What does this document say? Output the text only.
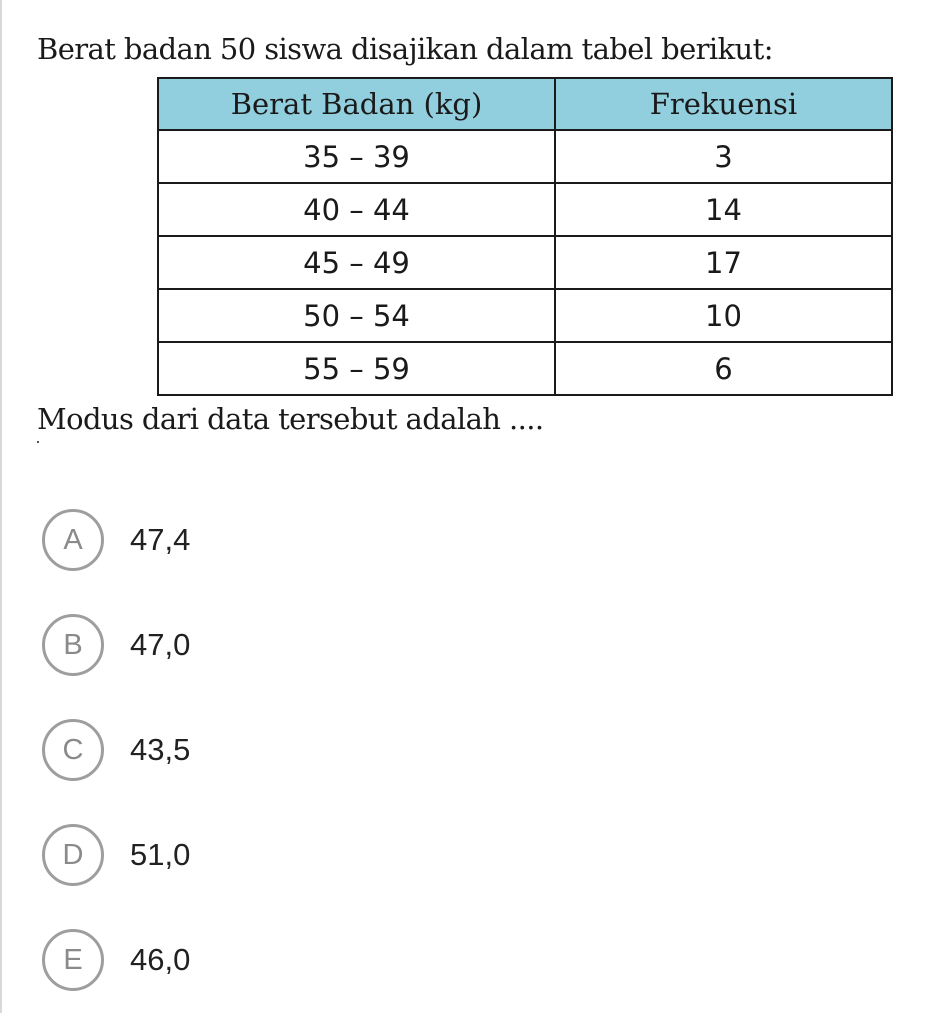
Berat badan 50 siswa disajikan dalam tabel berikut:
Berat Badan (kg)	Frekuensi
35 – 39	3
40 – 44	14
45 – 49	17
50 – 54	10
55 – 59	6
Modus dari data tersebut adalah ....
A	47,4
B	47,0
C	43,5
D	51,0
E	46,0
